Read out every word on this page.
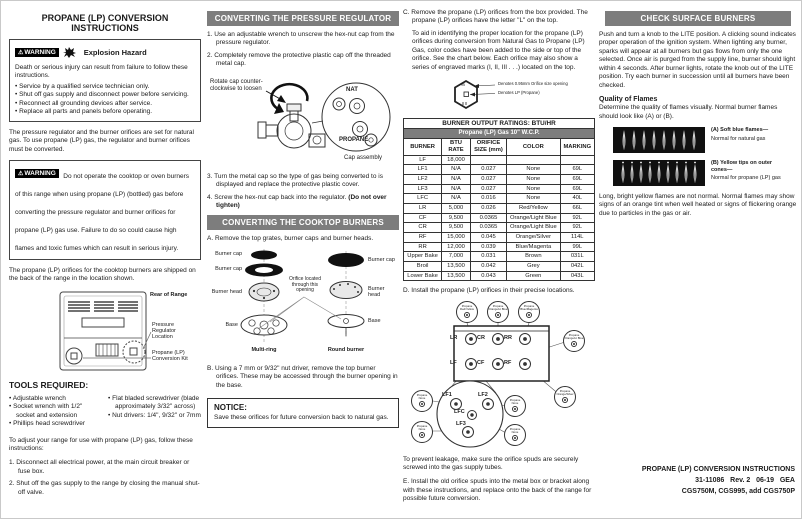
PROPANE (LP) CONVERSION INSTRUCTIONS
⚠WARNING	Explosion Hazard
Death or serious injury can result from failure to follow these instructions.
• Service by a qualified service technician only.
• Shut off gas supply and disconnect power before servicing.
• Reconnect all grounding devices after service.
• Replace all parts and panels before operating.

The pressure regulator and the burner orifices are set for natural gas. To use propane (LP) gas, the regulator and burner orifices must be converted.

⚠WARNING Do not operate the cooktop or oven burners of this range when using propane (LP) (bottled) gas before converting the pressure regulator and burner orifices for propane (LP) gas use. Failure to do so could cause high flames and toxic fumes which can result in serious injury.

The propane (LP) orifices for the cooktop burners are shipped on the back of the range in the location shown.

Rear of Range
Pressure Regulator Location
Propane (LP) Conversion Kit
TOOLS REQUIRED:
• Adjustable wrench
• Socket wrench with 1/2" socket and extension
• Phillips head screwdriver
• Flat bladed screwdriver (blade approximately 3/32" across)
• Nut drivers: 1/4", 9/32" or 7mm

To adjust your range for use with propane (LP) gas, follow these instructions:

1. Disconnect all electrical power, at the main circuit breaker or fuse box.

2. Shut off the gas supply to the range by closing the manual shut-off valve.

CONVERTING THE PRESSURE REGULATOR

1. Use an adjustable wrench to unscrew the hex-nut cap from the pressure regulator.

2. Completely remove the protective plastic cap off the threaded metal cap.

Rotate cap counter-clockwise to loosen	NAT
PROPANE
Cap assembly

3. Turn the metal cap so the type of gas being converted to is displayed and replace the protective plastic cover.

4. Screw the hex-nut cap back into the regulator. (Do not over tighten)

CONVERTING THE COOKTOP BURNERS

A. Remove the top grates, burner caps and burner heads.

Burner cap
Burner cap
Burner head
Base
Orifice located through this opening
Burner cap
Burner head
Base
Multi-ring	Round burner

B. Using a 7 mm or 9/32" nut driver, remove the top burner orifices. These may be accessed through the burner opening in the base.

NOTICE:
Save these orifices for future conversion back to natural gas.

C. Remove the propane (LP) orifices from the box provided. The propane (LP) orifices have the letter "L" on the top.

To aid in identifying the proper location for the propane (LP) orifices during conversion from Natural Gas to Propane (LP) Gas, color codes have been added to the side or top of the orifice. See the chart below. Each orifice may also show a series of engraved marks (I, II, III . . .) located on the top.

95	Denotes 0.95mm Orifice size opening
Denotes LP (Propane)
BURNER OUTPUT RATINGS: BTU/HR				
Propane (LP) Gas 10" W.C.P.				
BURNER	BTU RATE	ORIFICE SIZE (mm)	COLOR	MARKING
LF	18,000			
LF1	N/A	0.027	None	69L
LF2	N/A	0.027	None	69L
LF3	N/A	0.027	None	69L
LFC	N/A	0.016	None	40L
LR	5,000	0.026	Red/Yellow	66L
CF	9,500	0.0365	Orange/Light Blue	92L
CR	9,500	0.0365	Orange/Light Blue	92L
RF	15,000	0.045	Orange/Silver	114L
RR	12,000	0.039	Blue/Magenta	99L
Upper Bake	7,000	0.031	Brown	031L
Broil	13,500	0.042	Grey	042L
Lower Bake	13,500	0.043	Green	043L

D. Install the propane (LP) orifices in their precise locations.

LR	CR	RR
LF	CF	RF
LF1	LF2
LFC
LF3
Propane
Red/Yellow
Propane
Orange/Lt Blue
Propane
Blue/Magenta
Propane
Orange/Lt Blue
Propane
Orange/Silver
Propane
None
Propane
None
Propane
None
Propane
None

To prevent leakage, make sure the orifice spuds are securely screwed into the gas supply tubes.

E. Install the old orifice spuds into the metal box or bracket along with these instructions, and replace onto the back of the range for possible future conversion.

CHECK SURFACE BURNERS

Push and turn a knob to the LITE position. A clicking sound indicates proper operation of the ignition system. When lighting any burner, sparks will appear at all burners but gas flows from only the one selected. Once air is purged from the supply line, burner should light within 4 seconds. After burner lights, rotate the knob out of the LITE position. Try each burner in succession until all burners have been checked.

Quality of Flames

Determine the quality of flames visually. Normal burner flames should look like (A) or (B).

(A) Soft blue flames—
Normal for natural gas
(B) Yellow tips on outer cones—
Normal for propane (LP) gas

Long, bright yellow flames are not normal. Normal flames may show signs of an orange tint when well heated or signs of flickering orange due to particles in the gas or air.

PROPANE (LP) CONVERSION INSTRUCTIONS
31-11086   Rev. 2   06-19   GEA
CGS750M, CGS995, add CGS750P
